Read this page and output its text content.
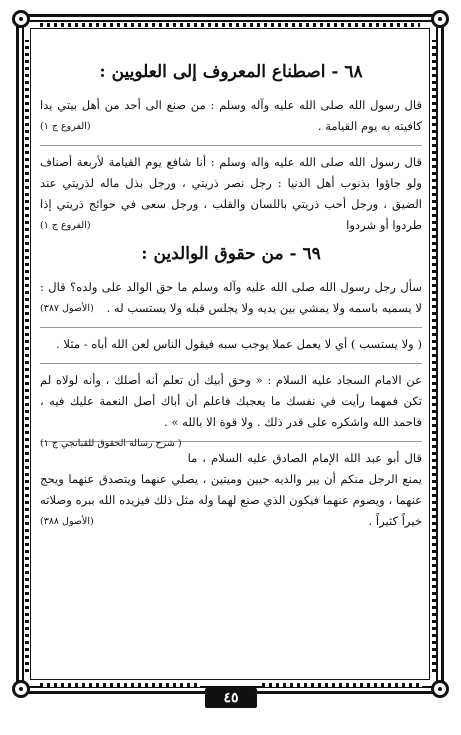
٦٨ - اصطناع المعروف إلى العلويين :

قال رسول الله صلى الله عليه وآله وسلم : من صنع الى أحد من أهل بيتي يدا كافيته به يوم القيامة .
(الفروع ج ١)

قال رسول الله صلى الله عليه واله وسلم : أنا شافع يوم القيامة لأربعة أصناف ولو جاؤوا بذنوب أهل الدنيا : رجل نصر ذريتي ، ورجل بذل ماله لذريتي عند الضيق ، ورجل أحب ذريتي باللسان والقلب ، ورجل سعى في حوائج ذريتي إذا طردوا أو شردوا
(الفروع ج ١)

٦٩ - من حقوق الوالدين :

سأل رجل رسول الله صلى الله عليه وآله وسلم ما حق الوالد على ولده؟ قال : لا يسميه باسمه ولا يمشي بين يديه ولا يجلس قبله ولا يستسب له .
(الأصول ٣٨٧)

( ولا يستسب ) أي لا يعمل عملا يوجب سبه فيقول الناس لعن الله أباه - مثلا .

عن الامام السجاد عليه السلام : « وحق أبيك أن تعلم أنه أصلك ، وأنه لولاه لم تكن فمهما رأيت في نفسك ما يعجبك فاعلم أن أباك أصل النعمة عليك فيه ، فاحمد الله واشكره على قدر ذلك . ولا قوة الا بالله » .
( شرح رسالة الحقوق للقبانجي ج ١)

قال أبو عبد الله الإمام الصادق عليه السلام ، ما يمنع الرجل منكم أن يبر والديه حيين وميتين ، يصلي عنهما ويتصدق عنهما ويحج عنهما ، ويصوم عنهما فيكون الذي صنع لهما وله مثل ذلك فيزيده الله ببره وصلاته خيراً كثيراً .
(الأصول ٣٨٨)

٤٥
